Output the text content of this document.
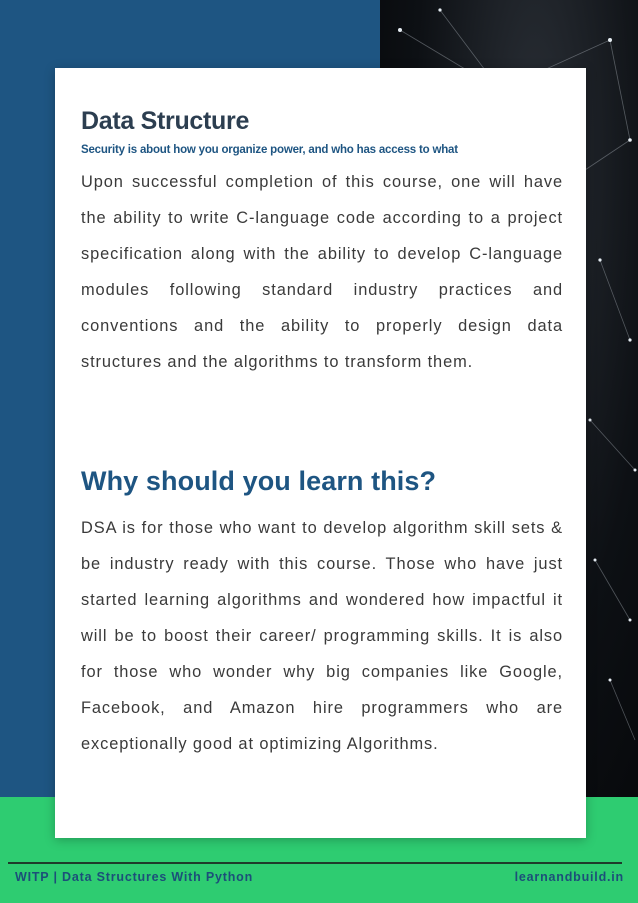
Data Structure
Security is about how you organize power, and who has access to what

Upon successful completion of this course, one will have the ability to write C-language code according to a project specification along with the ability to develop C-language modules following standard industry practices and conventions and the ability to properly design data structures and the algorithms to transform them.

Why should you learn this?

DSA is for those who want to develop algorithm skill sets & be industry ready with this course. Those who have just started learning algorithms and wondered how impactful it will be to boost their career/ programming skills. It is also for those who wonder why big companies like Google, Facebook, and Amazon hire programmers who are exceptionally good at optimizing Algorithms.

WITP | Data Structures With Python	learnandbuild.in
